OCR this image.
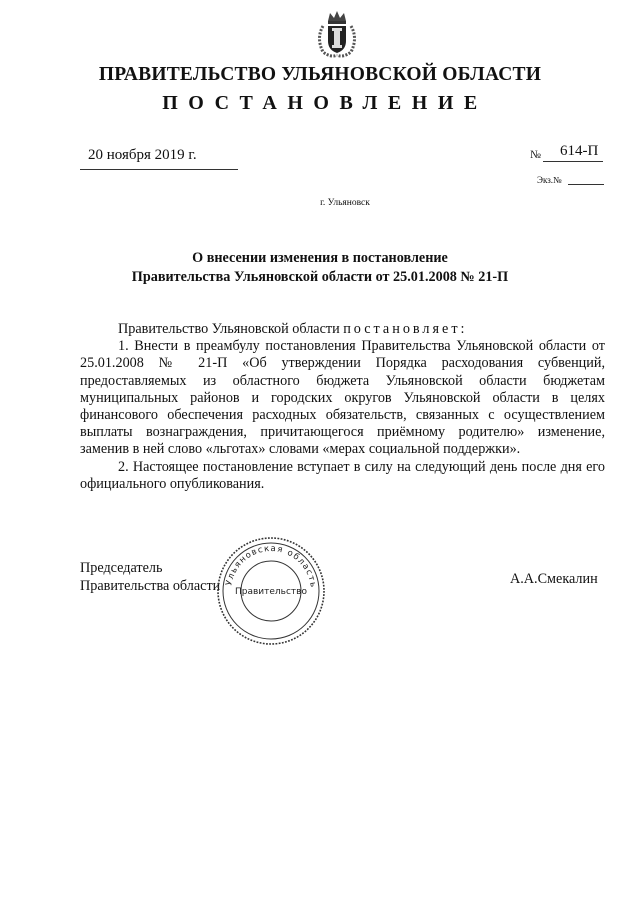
ПРАВИТЕЛЬСТВО УЛЬЯНОВСКОЙ ОБЛАСТИ
ПОСТАНОВЛЕНИЕ
20 ноября 2019 г.	№ 614-П
Экз.№
г. Ульяновск
О внесении изменения в постановление
Правительства Ульяновской области от 25.01.2008 № 21-П

Правительство Ульяновской области постановляет:

1. Внести в преамбулу постановления Правительства Ульяновской области от 25.01.2008 № 21-П «Об утверждении Порядка расходования субвенций, предоставляемых из областного бюджета Ульяновской области бюджетам муниципальных районов и городских округов Ульяновской области в целях финансового обеспечения расходных обязательств, связанных с осуществлением выплаты вознаграждения, причитающегося приёмному родителю» изменение, заменив в ней слово «льготах» словами «мерах социальной поддержки».

2. Настоящее постановление вступает в силу на следующий день после дня его официального опубликования.

Председатель
Правительства области	А.А.Смекалин
Ульяновская область
Правительство
